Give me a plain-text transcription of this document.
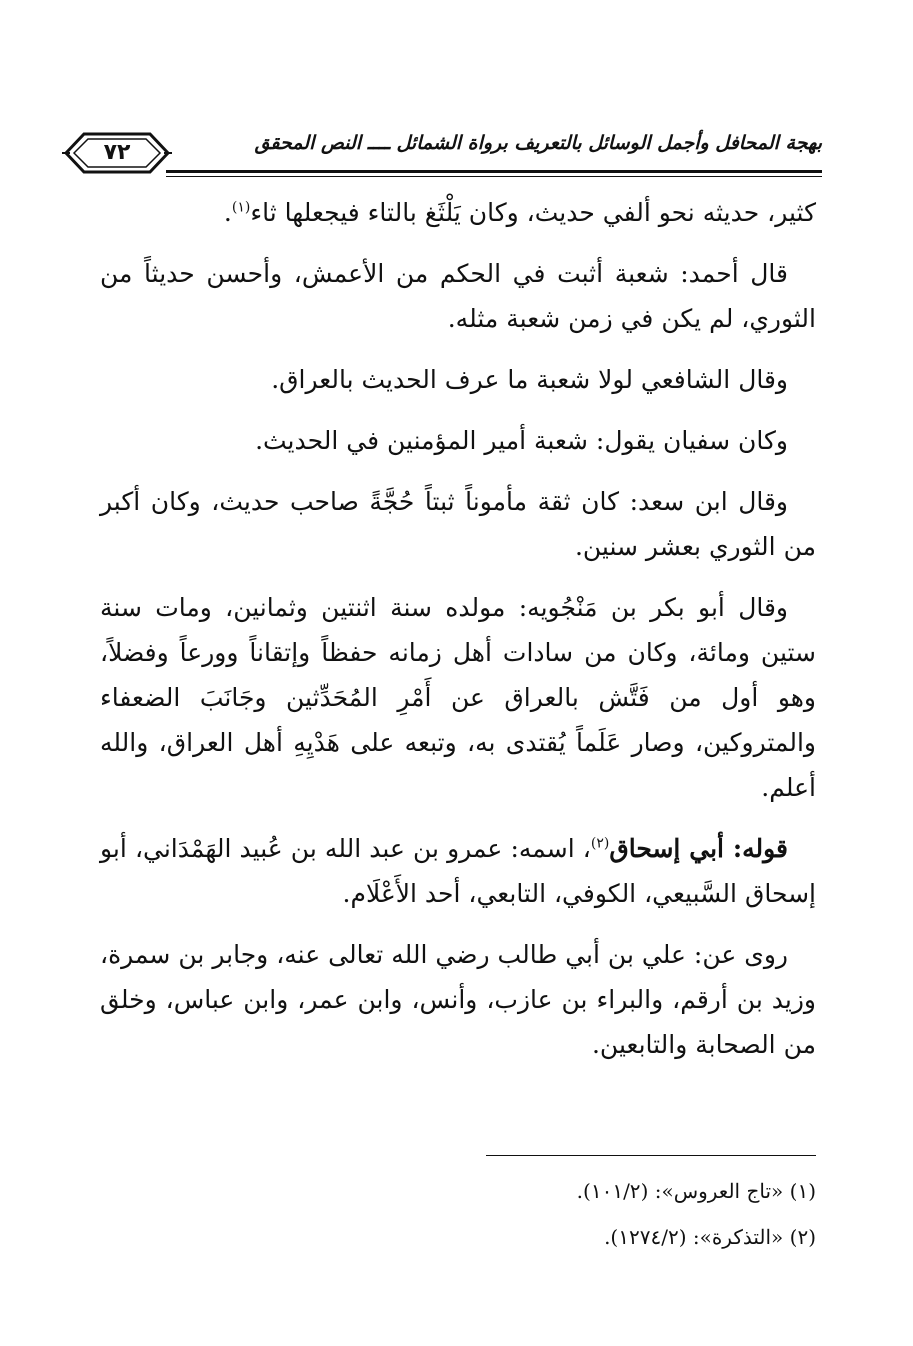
٧٢	بهجة المحافل وأجمل الوسائل بالتعريف برواة الشمائل ــــ النص المحقق

كثير، حديثه نحو ألفي حديث، وكان يَلْثَغ بالتاء فيجعلها ثاء$^{(١)}$.

قال أحمد: شعبة أثبت في الحكم من الأعمش، وأحسن حديثاً من الثوري، لم يكن في زمن شعبة مثله.

وقال الشافعي لولا شعبة ما عرف الحديث بالعراق.

وكان سفيان يقول: شعبة أمير المؤمنين في الحديث.

وقال ابن سعد: كان ثقة مأموناً ثبتاً حُجَّةً صاحب حديث، وكان أكبر من الثوري بعشر سنين.

وقال أبو بكر بن مَنْجُويه: مولده سنة اثنتين وثمانين، ومات سنة ستين ومائة، وكان من سادات أهل زمانه حفظاً وإتقاناً وورعاً وفضلاً، وهو أول من فَتَّش بالعراق عن أَمْرِ المُحَدِّثين وجَانَبَ الضعفاء والمتروكين، وصار عَلَماً يُقتدى به، وتبعه على هَدْيِهِ أهل العراق، والله أعلم.

قوله: أبي إسحاق$^{(٢)}$، اسمه: عمرو بن عبد الله بن عُبيد الهَمْدَاني، أبو إسحاق السَّبيعي، الكوفي، التابعي، أحد الأَعْلَام.

روى عن: علي بن أبي طالب رضي الله تعالى عنه، وجابر بن سمرة، وزيد بن أرقم، والبراء بن عازب، وأنس، وابن عمر، وابن عباس، وخلق من الصحابة والتابعين.

(١) «تاج العروس»: (١٠١/٢).

(٢) «التذكرة»: (١٢٧٤/٢).
